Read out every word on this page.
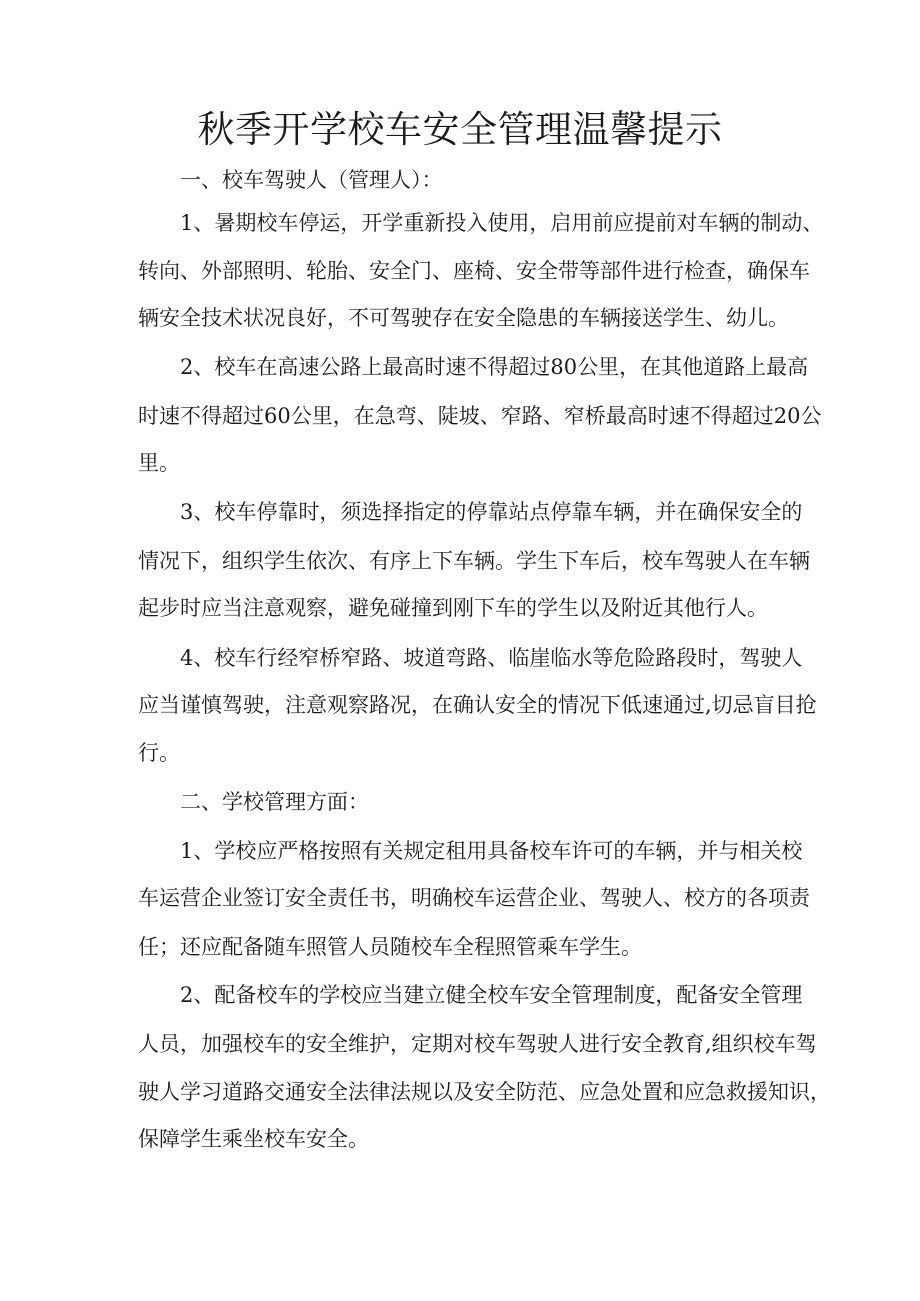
秋季开学校车安全管理温馨提示

一、校车驾驶人（管理人）：

1、暑期校车停运，开学重新投入使用，启用前应提前对车辆的制动、

转向、外部照明、轮胎、安全门、座椅、安全带等部件进行检查，确保车

辆安全技术状况良好，不可驾驶存在安全隐患的车辆接送学生、幼儿。

2、校车在高速公路上最高时速不得超过80公里，在其他道路上最高

时速不得超过60公里，在急弯、陡坡、窄路、窄桥最高时速不得超过20公

里。

3、校车停靠时，须选择指定的停靠站点停靠车辆，并在确保安全的

情况下，组织学生依次、有序上下车辆。学生下车后，校车驾驶人在车辆

起步时应当注意观察，避免碰撞到刚下车的学生以及附近其他行人。

4、校车行经窄桥窄路、坡道弯路、临崖临水等危险路段时，驾驶人

应当谨慎驾驶，注意观察路况，在确认安全的情况下低速通过,切忌盲目抢

行。

二、学校管理方面：

1、学校应严格按照有关规定租用具备校车许可的车辆，并与相关校

车运营企业签订安全责任书，明确校车运营企业、驾驶人、校方的各项责

任；还应配备随车照管人员随校车全程照管乘车学生。

2、配备校车的学校应当建立健全校车安全管理制度，配备安全管理

人员，加强校车的安全维护，定期对校车驾驶人进行安全教育,组织校车驾

驶人学习道路交通安全法律法规以及安全防范、应急处置和应急救援知识，

保障学生乘坐校车安全。
